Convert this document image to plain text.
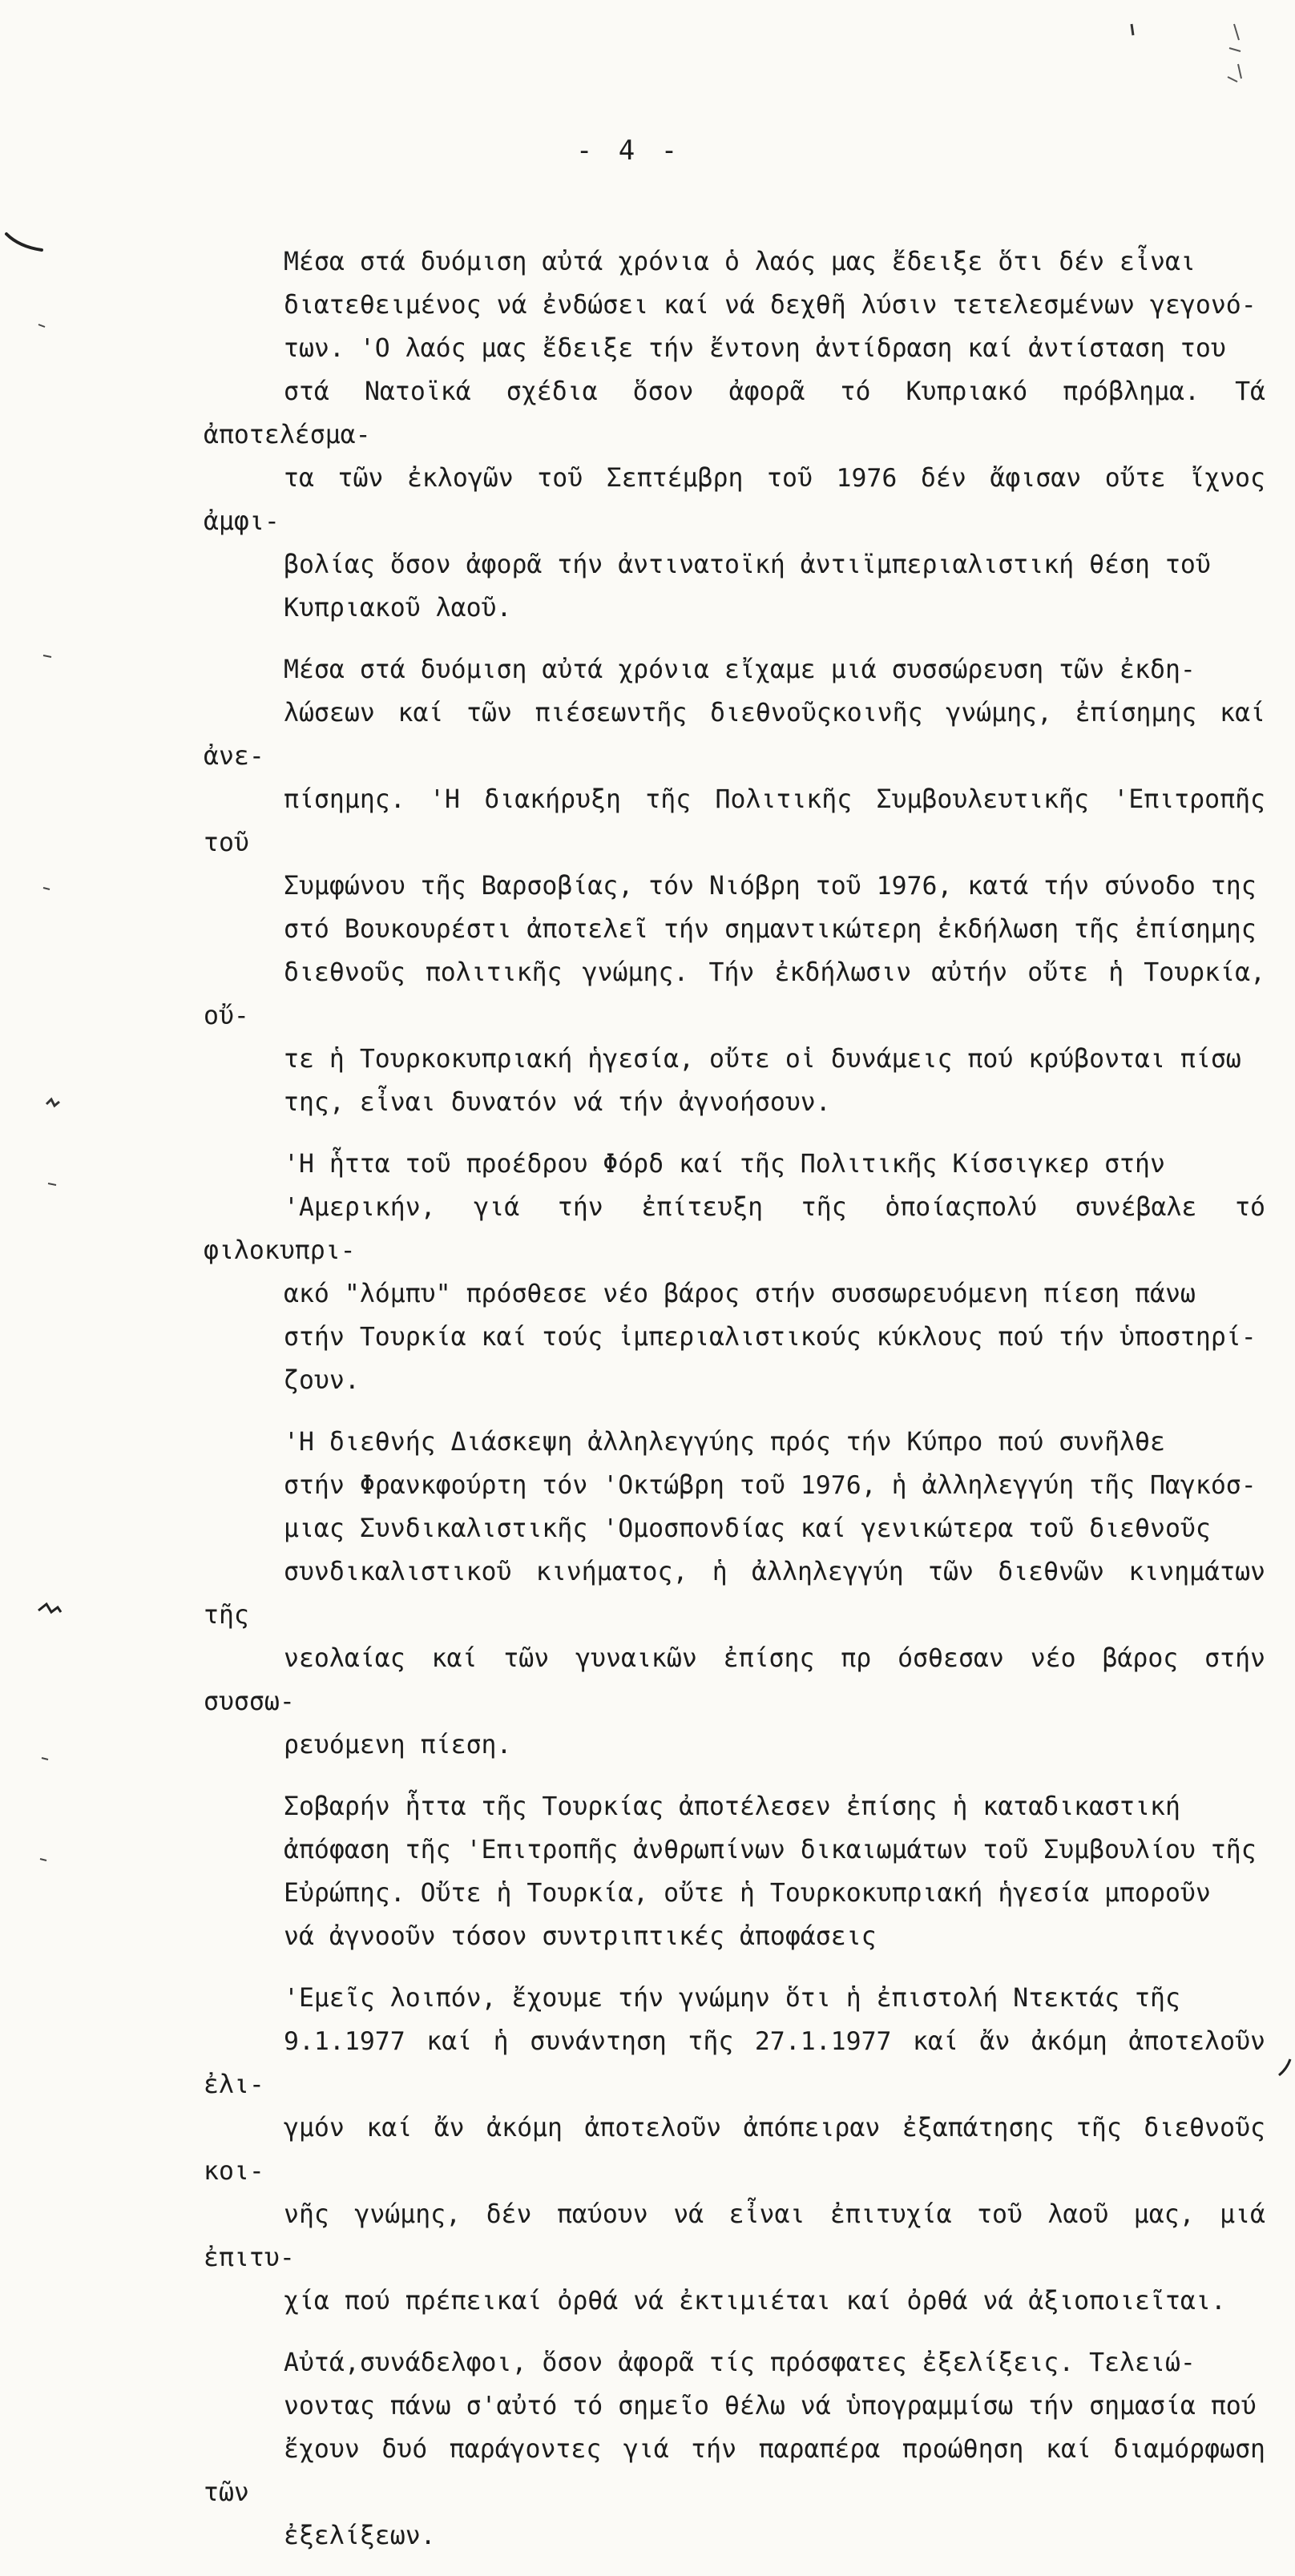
- 4 -

Μέσα στά δυόμιση αὐτά χρόνια ὁ λαός μας ἔδειξε ὅτι δέν εἶναι
διατεθειμένος νά ἐνδώσει καί νά δεχθῆ λύσιν τετελεσμένων γεγονό-
των. 'Ο λαός μας ἔδειξε τήν ἔντονη ἀντίδραση καί ἀντίσταση του
στά Νατοϊκά σχέδια ὅσον ἀφορᾶ τό Κυπριακό πρόβλημα. Τά ἀποτελέσμα-
τα τῶν ἐκλογῶν τοῦ Σεπτέμβρη τοῦ 1976 δέν ἄφισαν οὔτε ἴχνος ἀμφι-
βολίας ὅσον ἀφορᾶ τήν ἀντινατοϊκή ἀντιϊμπεριαλιστική θέση τοῦ
Κυπριακοῦ λαοῦ.

Μέσα στά δυόμιση αὐτά χρόνια εἴχαμε μιά συσσώρευση τῶν ἐκδη-
λώσεων καί τῶν πιέσεωντῆς διεθνοῦςκοινῆς γνώμης, ἐπίσημης καί ἀνε-
πίσημης. 'Η διακήρυξη τῆς Πολιτικῆς Συμβουλευτικῆς 'Επιτροπῆς τοῦ
Συμφώνου τῆς Βαρσοβίας, τόν Νιόβρη τοῦ 1976, κατά τήν σύνοδο της
στό Βουκουρέστι ἀποτελεῖ τήν σημαντικώτερη ἐκδήλωση τῆς ἐπίσημης
διεθνοῦς πολιτικῆς γνώμης. Τήν ἐκδήλωσιν αὐτήν οὔτε ἡ Τουρκία, οὔ-
τε ἡ Τουρκοκυπριακή ἡγεσία, οὔτε οἱ δυνάμεις πού κρύβονται πίσω
της, εἶναι δυνατόν νά τήν ἀγνοήσουν.

'Η ἧττα τοῦ προέδρου Φόρδ καί τῆς Πολιτικῆς Κίσσιγκερ στήν
'Αμερικήν, γιά τήν ἐπίτευξη τῆς ὁποίαςπολύ συνέβαλε τό φιλοκυπρι-
ακό "λόμπυ" πρόσθεσε νέο βάρος στήν συσσωρευόμενη πίεση πάνω
στήν Τουρκία καί τούς ἰμπεριαλιστικούς κύκλους πού τήν ὑποστηρί-
ζουν.

'Η διεθνής Διάσκεψη ἀλληλεγγύης πρός τήν Κύπρο πού συνῆλθε
στήν Φρανκφούρτη τόν 'Οκτώβρη τοῦ 1976, ἡ ἀλληλεγγύη τῆς Παγκόσ-
μιας Συνδικαλιστικῆς 'Ομοσπονδίας καί γενικώτερα τοῦ διεθνοῦς
συνδικαλιστικοῦ κινήματος, ἡ ἀλληλεγγύη τῶν διεθνῶν κινημάτων τῆς
νεολαίας καί τῶν γυναικῶν ἐπίσης πρ όσθεσαν νέο βάρος στήν συσσω-
ρευόμενη πίεση.

Σοβαρήν ἧττα τῆς Τουρκίας ἀποτέλεσεν ἐπίσης ἡ καταδικαστική
ἀπόφαση τῆς 'Επιτροπῆς ἀνθρωπίνων δικαιωμάτων τοῦ Συμβουλίου τῆς
Εὐρώπης. Οὔτε ἡ Τουρκία, οὔτε ἡ Τουρκοκυπριακή ἡγεσία μποροῦν
νά ἀγνοοῦν τόσον συντριπτικές ἀποφάσεις

'Εμεῖς λοιπόν, ἔχουμε τήν γνώμην ὅτι ἡ ἐπιστολή Ντεκτάς τῆς
9.1.1977 καί ἡ συνάντηση τῆς 27.1.1977 καί ἄν ἀκόμη ἀποτελοῦν ἐλι-
γμόν καί ἄν ἀκόμη ἀποτελοῦν ἀπόπειραν ἐξαπάτησης τῆς διεθνοῦς κοι-
νῆς γνώμης, δέν παύουν νά εἶναι ἐπιτυχία τοῦ λαοῦ μας, μιά ἐπιτυ-
χία πού πρέπεικαί ὀρθά νά ἐκτιμιέται καί ὀρθά νά ἀξιοποιεῖται.

Αὐτά,συνάδελφοι, ὅσον ἀφορᾶ τίς πρόσφατες ἐξελίξεις. Τελειώ-
νοντας πάνω σ'αὐτό τό σημεῖο θέλω νά ὑπογραμμίσω τήν σημασία πού
ἔχουν δυό παράγοντες γιά τήν παραπέρα προώθηση καί διαμόρφωση τῶν
ἐξελίξεων.
